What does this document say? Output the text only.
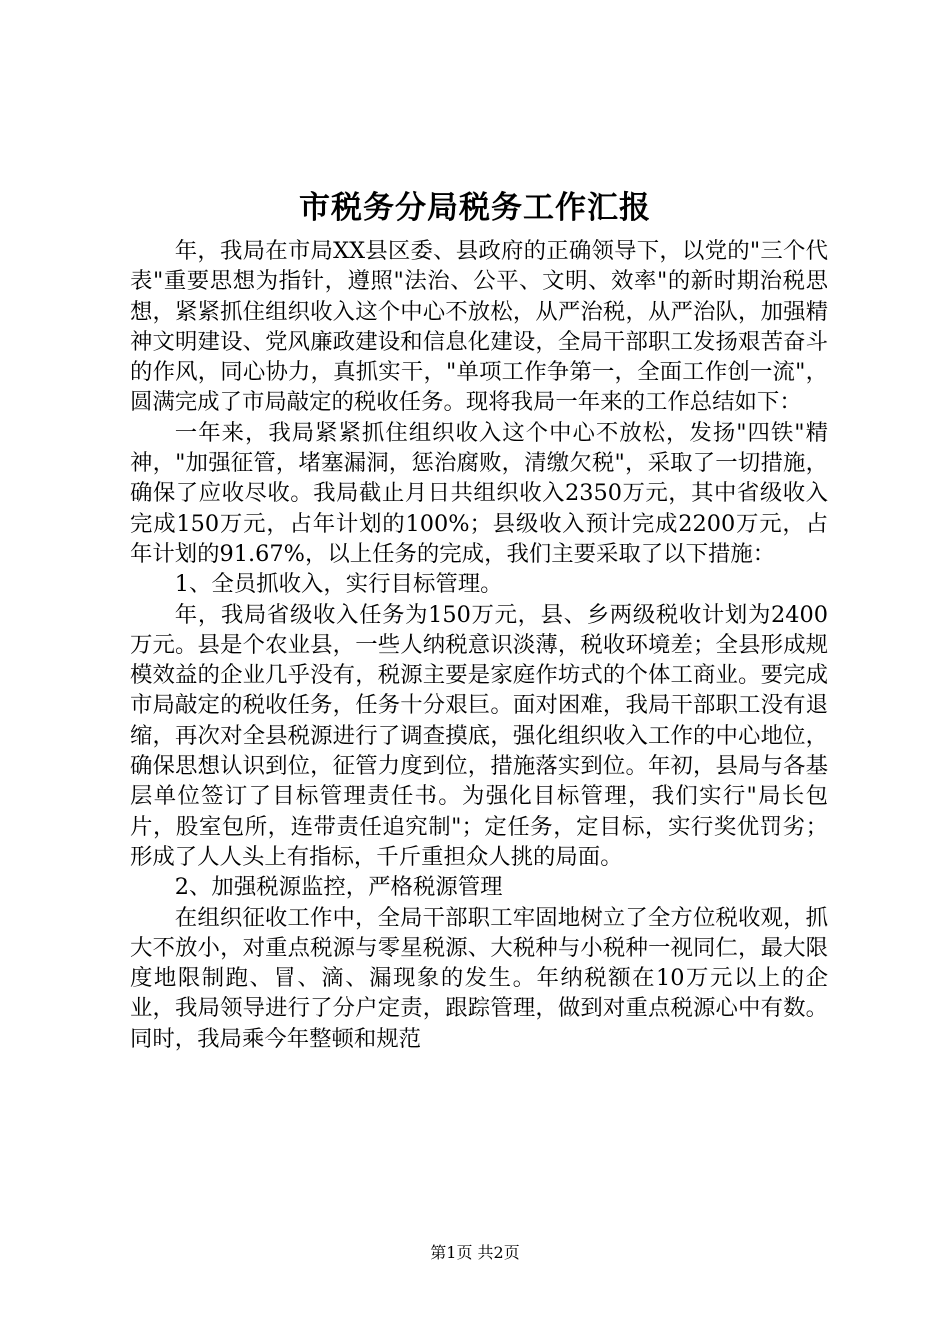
市税务分局税务工作汇报

年，我局在市局XX县区委、县政府的正确领导下，以党的"三个代表"重要思想为指针，遵照"法治、公平、文明、效率"的新时期治税思想，紧紧抓住组织收入这个中心不放松，从严治税，从严治队，加强精神文明建设、党风廉政建设和信息化建设，全局干部职工发扬艰苦奋斗的作风，同心协力，真抓实干，"单项工作争第一，全面工作创一流"，圆满完成了市局敲定的税收任务。现将我局一年来的工作总结如下：

一年来，我局紧紧抓住组织收入这个中心不放松，发扬"四铁"精神，"加强征管，堵塞漏洞，惩治腐败，清缴欠税"，采取了一切措施，确保了应收尽收。我局截止月日共组织收入2350万元，其中省级收入完成150万元，占年计划的100%；县级收入预计完成2200万元，占年计划的91.67%，以上任务的完成，我们主要采取了以下措施：

1、全员抓收入，实行目标管理。

年，我局省级收入任务为150万元，县、乡两级税收计划为2400万元。县是个农业县，一些人纳税意识淡薄，税收环境差；全县形成规模效益的企业几乎没有，税源主要是家庭作坊式的个体工商业。要完成市局敲定的税收任务，任务十分艰巨。面对困难，我局干部职工没有退缩，再次对全县税源进行了调查摸底，强化组织收入工作的中心地位，确保思想认识到位，征管力度到位，措施落实到位。年初，县局与各基层单位签订了目标管理责任书。为强化目标管理，我们实行"局长包片，股室包所，连带责任追究制"；定任务，定目标，实行奖优罚劣；形成了人人头上有指标，千斤重担众人挑的局面。

2、加强税源监控，严格税源管理

在组织征收工作中，全局干部职工牢固地树立了全方位税收观，抓大不放小，对重点税源与零星税源、大税种与小税种一视同仁，最大限度地限制跑、冒、滴、漏现象的发生。年纳税额在10万元以上的企业，我局领导进行了分户定责，跟踪管理，做到对重点税源心中有数。同时，我局乘今年整顿和规范

第1页 共2页
